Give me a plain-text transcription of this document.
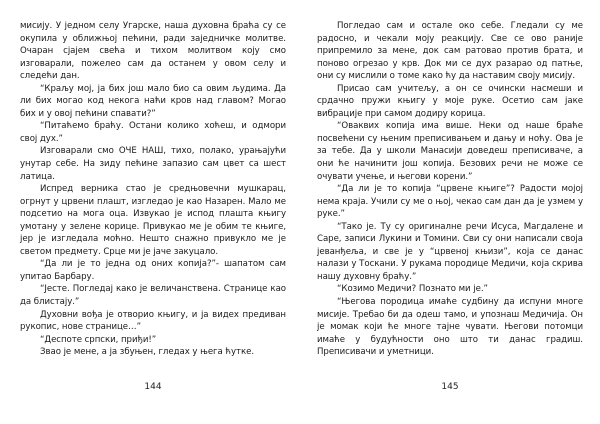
мисију. У једном селу Угарске, наша духовна браћа су се окупила у оближњој пећини, ради заједничке молитве. Очаран сјајем свећа и тихом молитвом коју смо изговарали, пожелео сам да останем у овом селу и следећи дан.

“Краљу мој, ја бих још мало био са овим људима. Да ли бих могао код некога наћи кров над главом? Могао бих и у овој пећини спавати?”

“Питаћемо браћу. Остани колико хоћеш, и одмори свој дух.”

Изговарали смо ОЧЕ НАШ, тихо, полако, урањајући унутар себе. На зиду пећине запазио сам цвет са шест латица.

Испред верника стао је средњовечни мушкарац, огрнут у црвени плашт, изгледао је као Назарен. Мало ме подсетио на мога оца. Извукао је испод плашта књигу умотану у зелене корице. Привукао ме је обим те књиге, јер је изгледала моћно. Нешто снажно привукло ме је светом предмету. Срце ми је јаче закуцало.

“Да ли је то једна од оних копија?”- шапатом сам упитао Барбару.

“Јесте. Погледај како је величанствена. Странице као да блистају.”

Духовни вођа је отворио књигу, и ја видех предиван рукопис, нове странице…”

“Деспоте српски, приђи!”

Зваo је мене, а ја збуњен, гледах у њега ћутке.

144

Погледао сам и остале око себе. Гледали су ме радосно, и чекали моју реакцију. Све се ово раније припремило за мене, док сам ратовао против брата, и поново огрезао у крв. Док ми се дух разарао од патње, они су мислили о томе како ћу да наставим своју мисију.

Присао сам учитељу, а он се очински насмеши и срдачно пружи књигу у моје руке. Осетио сам јаке вибрације при самом додиру корица.

“Оваквих копија има више. Неки од наше браће посвећени су њеним преписивањем и дању и ноћу. Ова је за тебе. Да у школи Манасији доведеш преписиваче, а они ће начинити још копија. Безових речи не може се очувати учење, и његови корени.”

“Да ли је то копија “црвене књиге”? Радости мојој нема краја. Учили су ме о њој, чекао сам дан да је узмем у руке.”

“Тако је. Ту су оригиналне речи Исуса, Магдалене и Саре, записи Лукини и Томини. Сви су они написали своја јеванђеља, и све је у “црвеној књизи”, која се данас налази у Тоскани. У рукама породице Медичи, која скрива нашу духовну браћу.”

“Козимо Медичи? Познато ми је.”

“Његова породица имаће судбину да испуни многе мисије. Требао би да одеш тамо, и упознаш Медичија. Он је момак који ће многе тајне чувати. Његови потомци имаће у будућности оно што ти данас градиш. Преписивачи и уметници.

145
